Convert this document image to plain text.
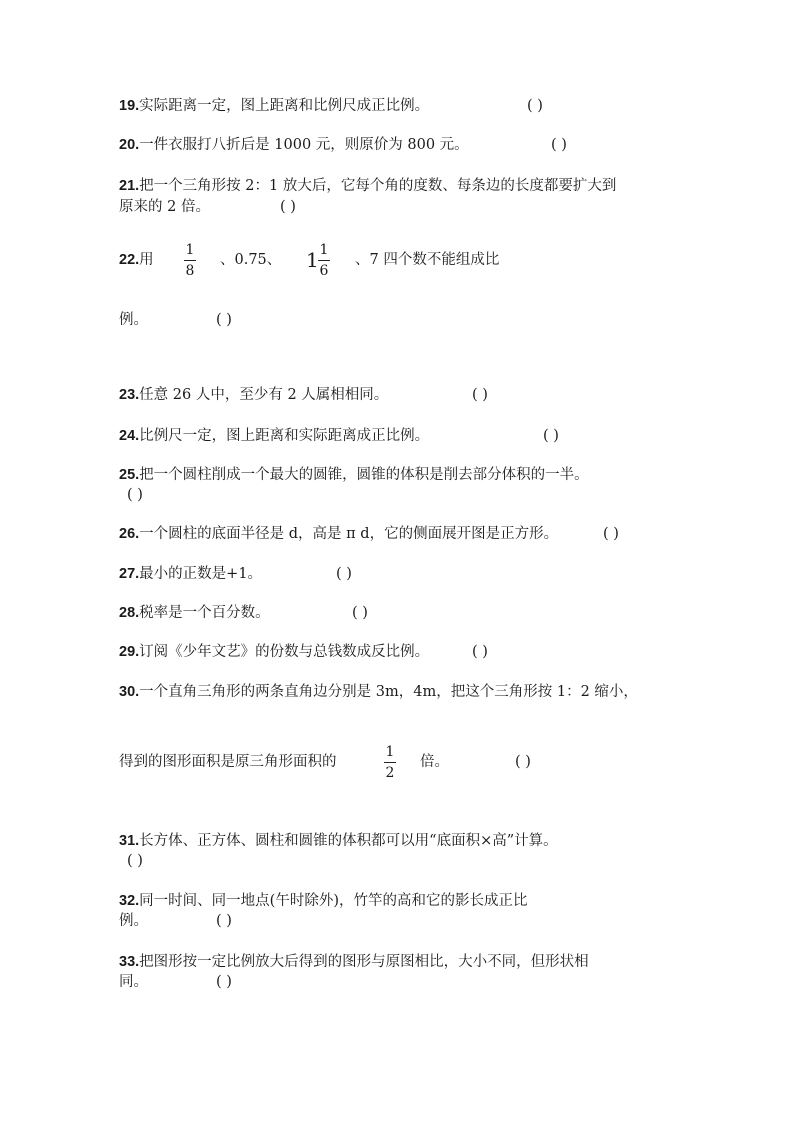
19.实际距离一定，图上距离和比例尺成正比例。	( )
20.一件衣服打八折后是 1000 元，则原价为 800 元。	( )
21.把一个三角形按 2：1 放大后，它每个角的度数、每条边的长度都要扩大到
原来的 2 倍。	( )
22.用
1
8
、0.75、 1 1
6
、7 四个数不能组成比
例。	( )
23.任意 26 人中，至少有 2 人属相相同。	( )
24.比例尺一定，图上距离和实际距离成正比例。	( )
25.把一个圆柱削成一个最大的圆锥，圆锥的体积是削去部分体积的一半。
( )
26.一个圆柱的底面半径是 d，高是 π d，它的侧面展开图是正方形。	( )
27.最小的正数是+1。	( )
28.税率是一个百分数。	( )
29.订阅《少年文艺》的份数与总钱数成反比例。	( )
30.一个直角三角形的两条直角边分别是 3m，4m，把这个三角形按 1：2 缩小，
得到的图形面积是原三角形面积的
1
2
倍。	( )
31.长方体、正方体、圆柱和圆锥的体积都可以用“底面积×高”计算。
( )
32.同一时间、同一地点(午时除外)，竹竿的高和它的影长成正比
例。	( )
33.把图形按一定比例放大后得到的图形与原图相比，大小不同，但形状相
同。	( )
